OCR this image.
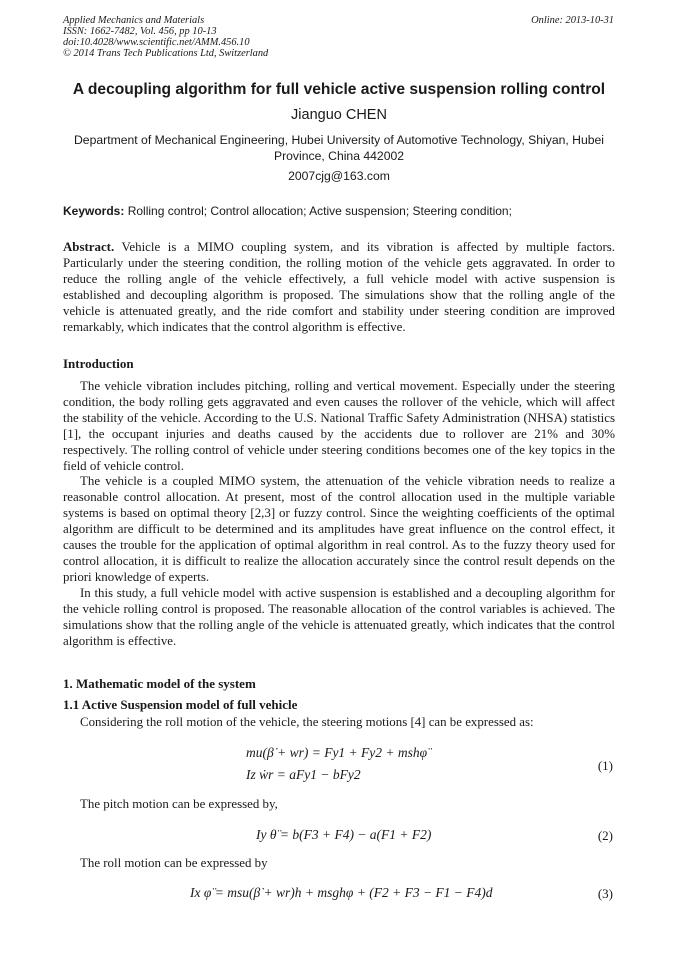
Applied Mechanics and Materials
ISSN: 1662-7482, Vol. 456, pp 10-13
doi:10.4028/www.scientific.net/AMM.456.10
© 2014 Trans Tech Publications Ltd, Switzerland
Online: 2013-10-31
A decoupling algorithm for full vehicle active suspension rolling control
Jianguo CHEN
Department of Mechanical Engineering, Hubei University of Automotive Technology, Shiyan, Hubei Province, China 442002
2007cjg@163.com
Keywords: Rolling control; Control allocation; Active suspension; Steering condition;

Abstract. Vehicle is a MIMO coupling system, and its vibration is affected by multiple factors. Particularly under the steering condition, the rolling motion of the vehicle gets aggravated. In order to reduce the rolling angle of the vehicle effectively, a full vehicle model with active suspension is established and decoupling algorithm is proposed. The simulations show that the rolling angle of the vehicle is attenuated greatly, and the ride comfort and stability under steering condition are improved remarkably, which indicates that the control algorithm is effective.

Introduction

The vehicle vibration includes pitching, rolling and vertical movement. Especially under the steering condition, the body rolling gets aggravated and even causes the rollover of the vehicle, which will affect the stability of the vehicle. According to the U.S. National Traffic Safety Administration (NHSA) statistics [1], the occupant injuries and deaths caused by the accidents due to rollover are 21% and 30% respectively. The rolling control of vehicle under steering conditions becomes one of the key topics in the field of vehicle control.

The vehicle is a coupled MIMO system, the attenuation of the vehicle vibration needs to realize a reasonable control allocation. At present, most of the control allocation used in the multiple variable systems is based on optimal theory [2,3] or fuzzy control. Since the weighting coefficients of the optimal algorithm are difficult to be determined and its amplitudes have great influence on the control effect, it causes the trouble for the application of optimal algorithm in real control. As to the fuzzy theory used for control allocation, it is difficult to realize the allocation accurately since the control result depends on the priori knowledge of experts.

In this study, a full vehicle model with active suspension is established and a decoupling algorithm for the vehicle rolling control is proposed. The reasonable allocation of the control variables is achieved. The simulations show that the rolling angle of the vehicle is attenuated greatly, which indicates that the control algorithm is effective.

1. Mathematic model of the system
1.1 Active Suspension model of full vehicle
Considering the roll motion of the vehicle, the steering motions [4] can be expressed as:
mu(β̇ + wr) = Fy1 + Fy2 + mshφ̈
Iz ẇr = aFy1 − bFy2
(1)
The pitch motion can be expressed by,
Iy θ̈ = b(F3 + F4) − a(F1 + F2)	(2)
The roll motion can be expressed by
Ix φ̈ = msu(β̇ + wr)h + msghφ + (F2 + F3 − F1 − F4)d	(3)
